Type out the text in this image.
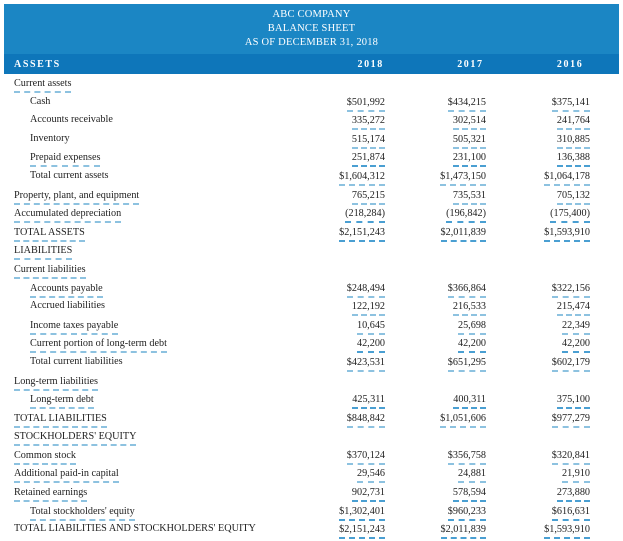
ABC COMPANY
BALANCE SHEET
AS OF DECEMBER 31, 2018
ASSETS	2018	2017	2016
Current assets
Cash	$501,992	$434,215	$375,141
Accounts receivable	335,272	302,514	241,764
Inventory	515,174	505,321	310,885
Prepaid expenses	251,874	231,100	136,388
Total current assets	$1,604,312	$1,473,150	$1,064,178
Property, plant, and equipment	765,215	735,531	705,132
Accumulated depreciation	(218,284)	(196,842)	(175,400)
TOTAL ASSETS	$2,151,243	$2,011,839	$1,593,910
LIABILITIES
Current liabilities
Accounts payable	$248,494	$366,864	$322,156
Accrued liabilities	122,192	216,533	215,474
Income taxes payable	10,645	25,698	22,349
Current portion of long-term debt	42,200	42,200	42,200
Total current liabilities	$423,531	$651,295	$602,179
Long-term liabilities
Long-term debt	425,311	400,311	375,100
TOTAL LIABILITIES	$848,842	$1,051,606	$977,279
STOCKHOLDERS' EQUITY
Common stock	$370,124	$356,758	$320,841
Additional paid-in capital	29,546	24,881	21,910
Retained earnings	902,731	578,594	273,880
Total stockholders' equity	$1,302,401	$960,233	$616,631
TOTAL LIABILITIES AND STOCKHOLDERS' EQUITY	$2,151,243	$2,011,839	$1,593,910
